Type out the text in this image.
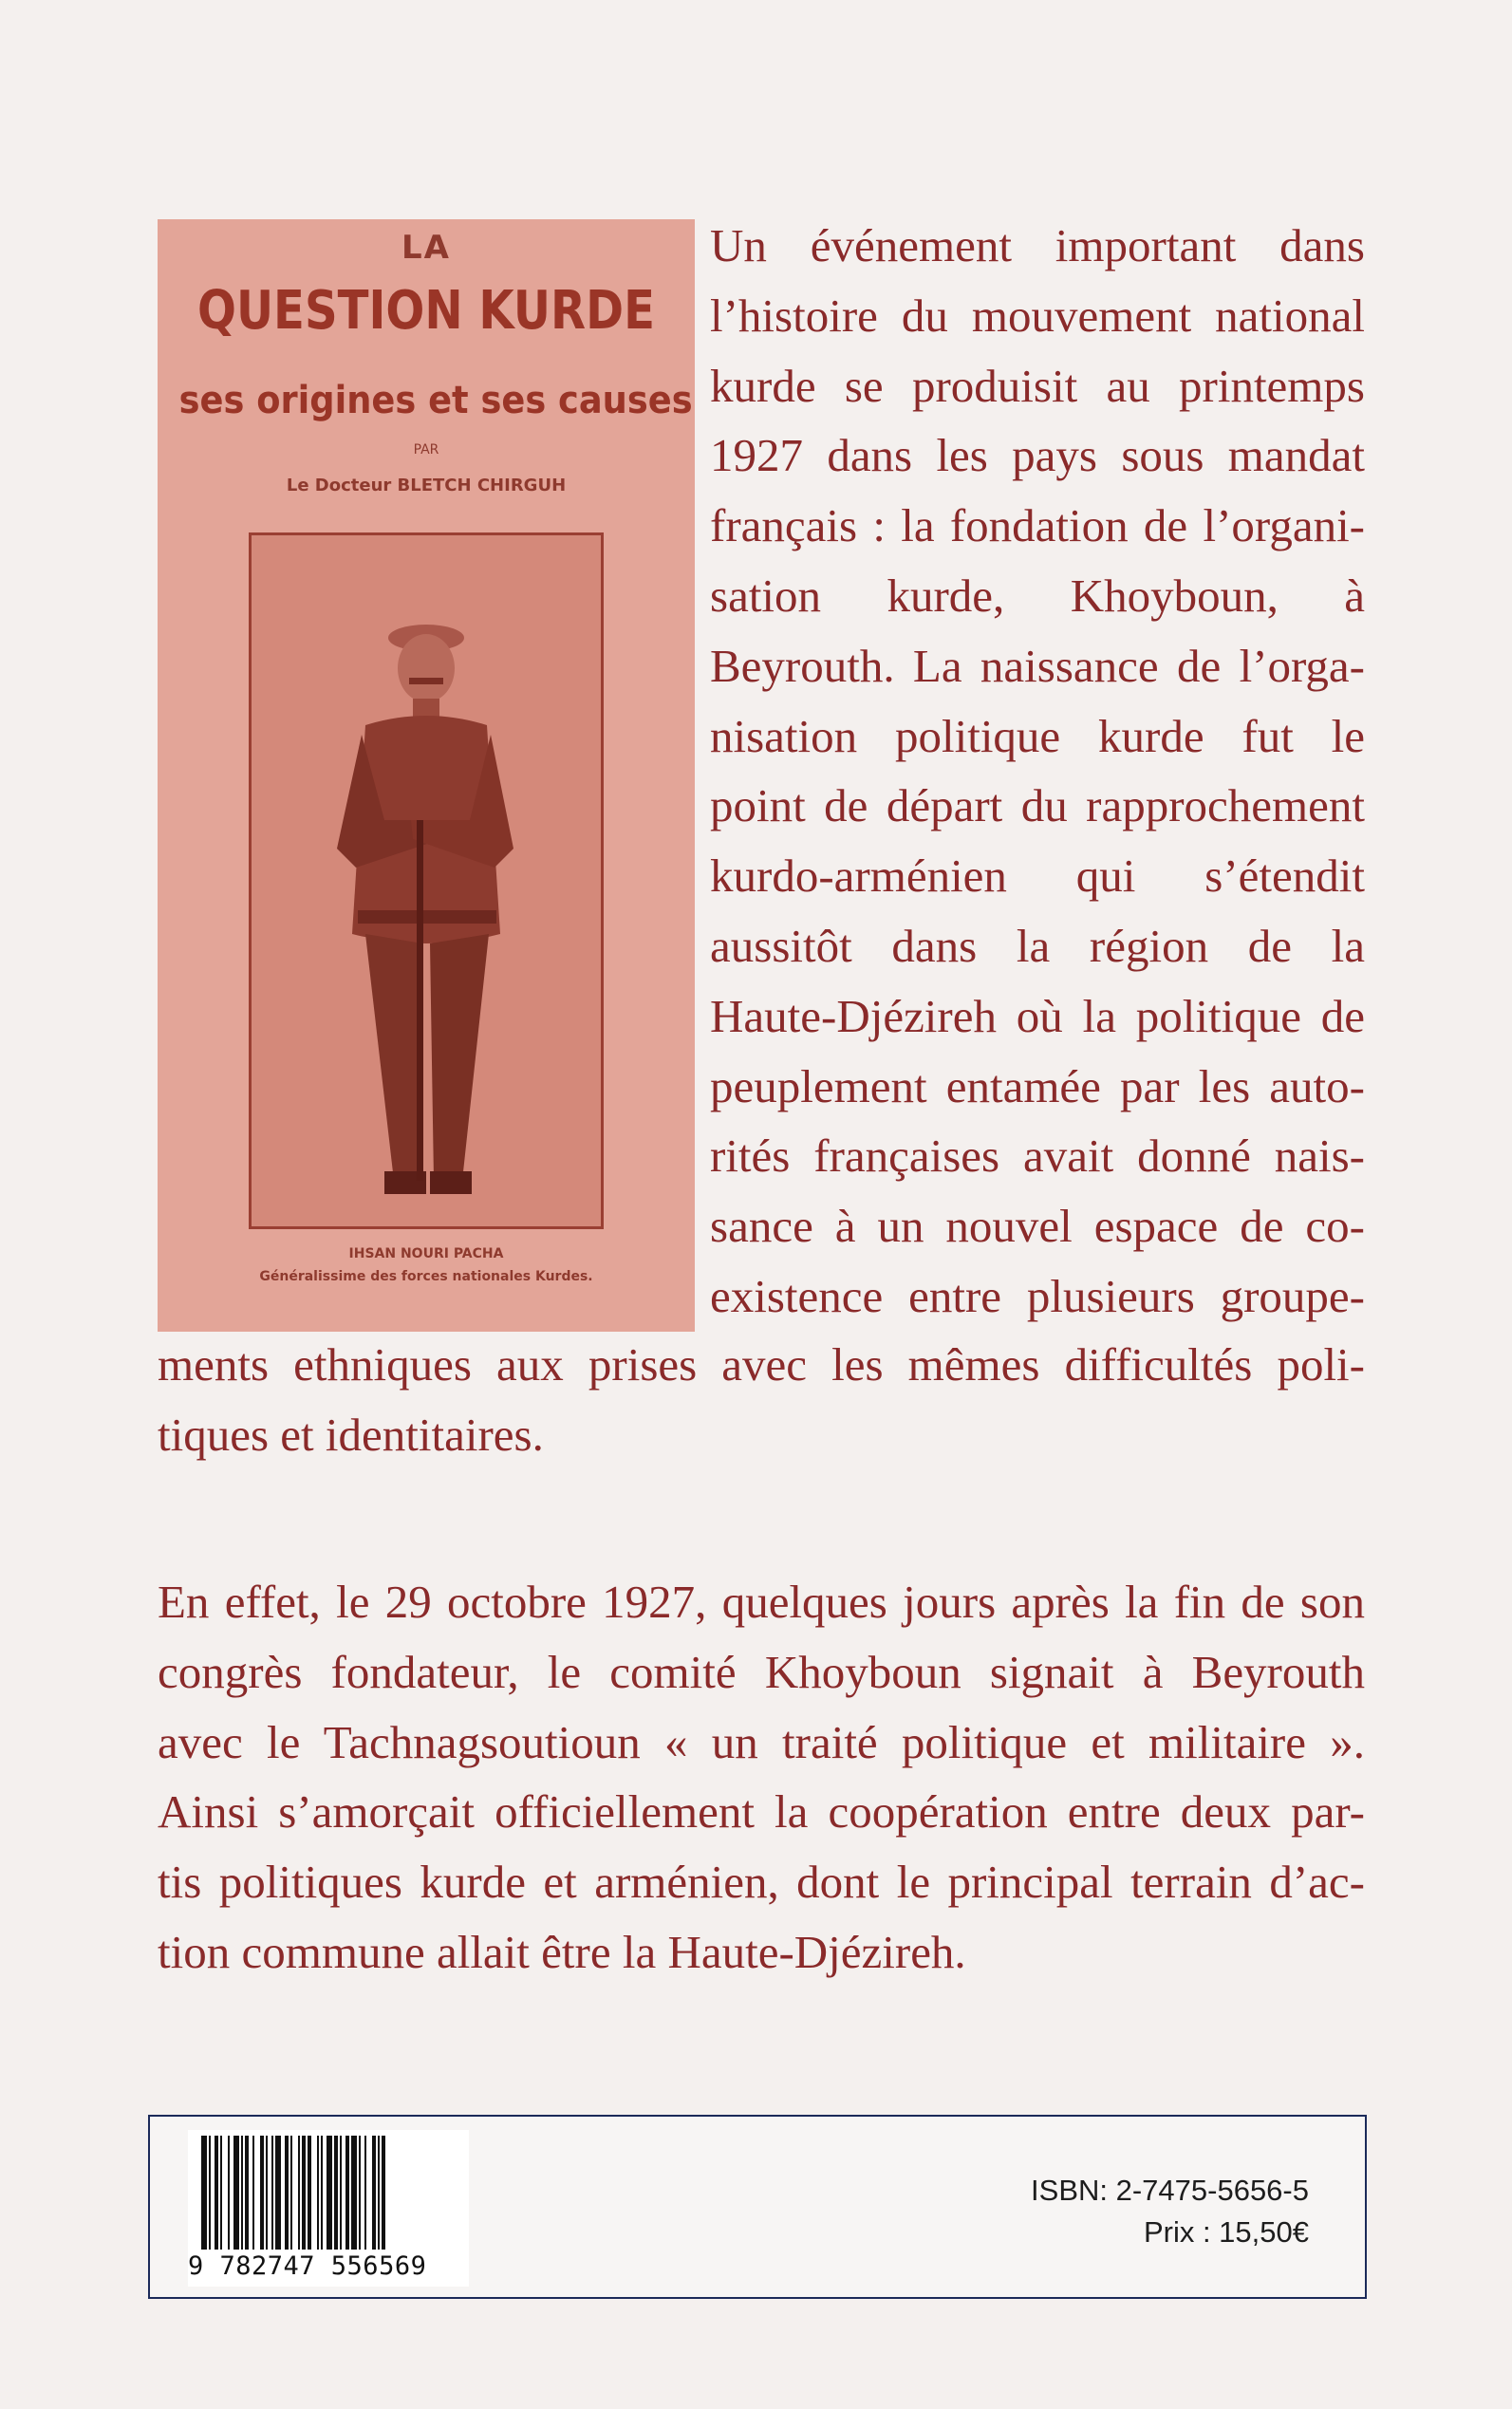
LA
QUESTION KURDE
ses origines et ses causes
PAR
Le Docteur BLETCH CHIRGUH
IHSAN NOURI PACHA
Généralissime des forces nationales Kurdes.
Un événement important dans
l’histoire du mouvement national
kurde se produisit au printemps
1927 dans les pays sous mandat
français : la fondation de l’organi-
sation kurde, Khoyboun, à
Beyrouth. La naissance de l’orga-
nisation politique kurde fut le
point de départ du rapprochement
kurdo-arménien qui s’étendit
aussitôt dans la région de la
Haute-Djézireh où la politique de
peuplement entamée par les auto-
rités françaises avait donné nais-
sance à un nouvel espace de co-
existence entre plusieurs groupe-
ments ethniques aux prises avec les mêmes difficultés poli-
tiques et identitaires.
En effet, le 29 octobre 1927, quelques jours après la fin de son
congrès fondateur, le comité Khoyboun signait à Beyrouth
avec le Tachnagsoutioun « un traité politique et militaire ».
Ainsi s’amorçait officiellement la coopération entre deux par-
tis politiques kurde et arménien, dont le principal terrain d’ac-
tion commune allait être la Haute-Djézireh.
9 782747 556569
ISBN: 2-7475-5656-5
Prix : 15,50€
